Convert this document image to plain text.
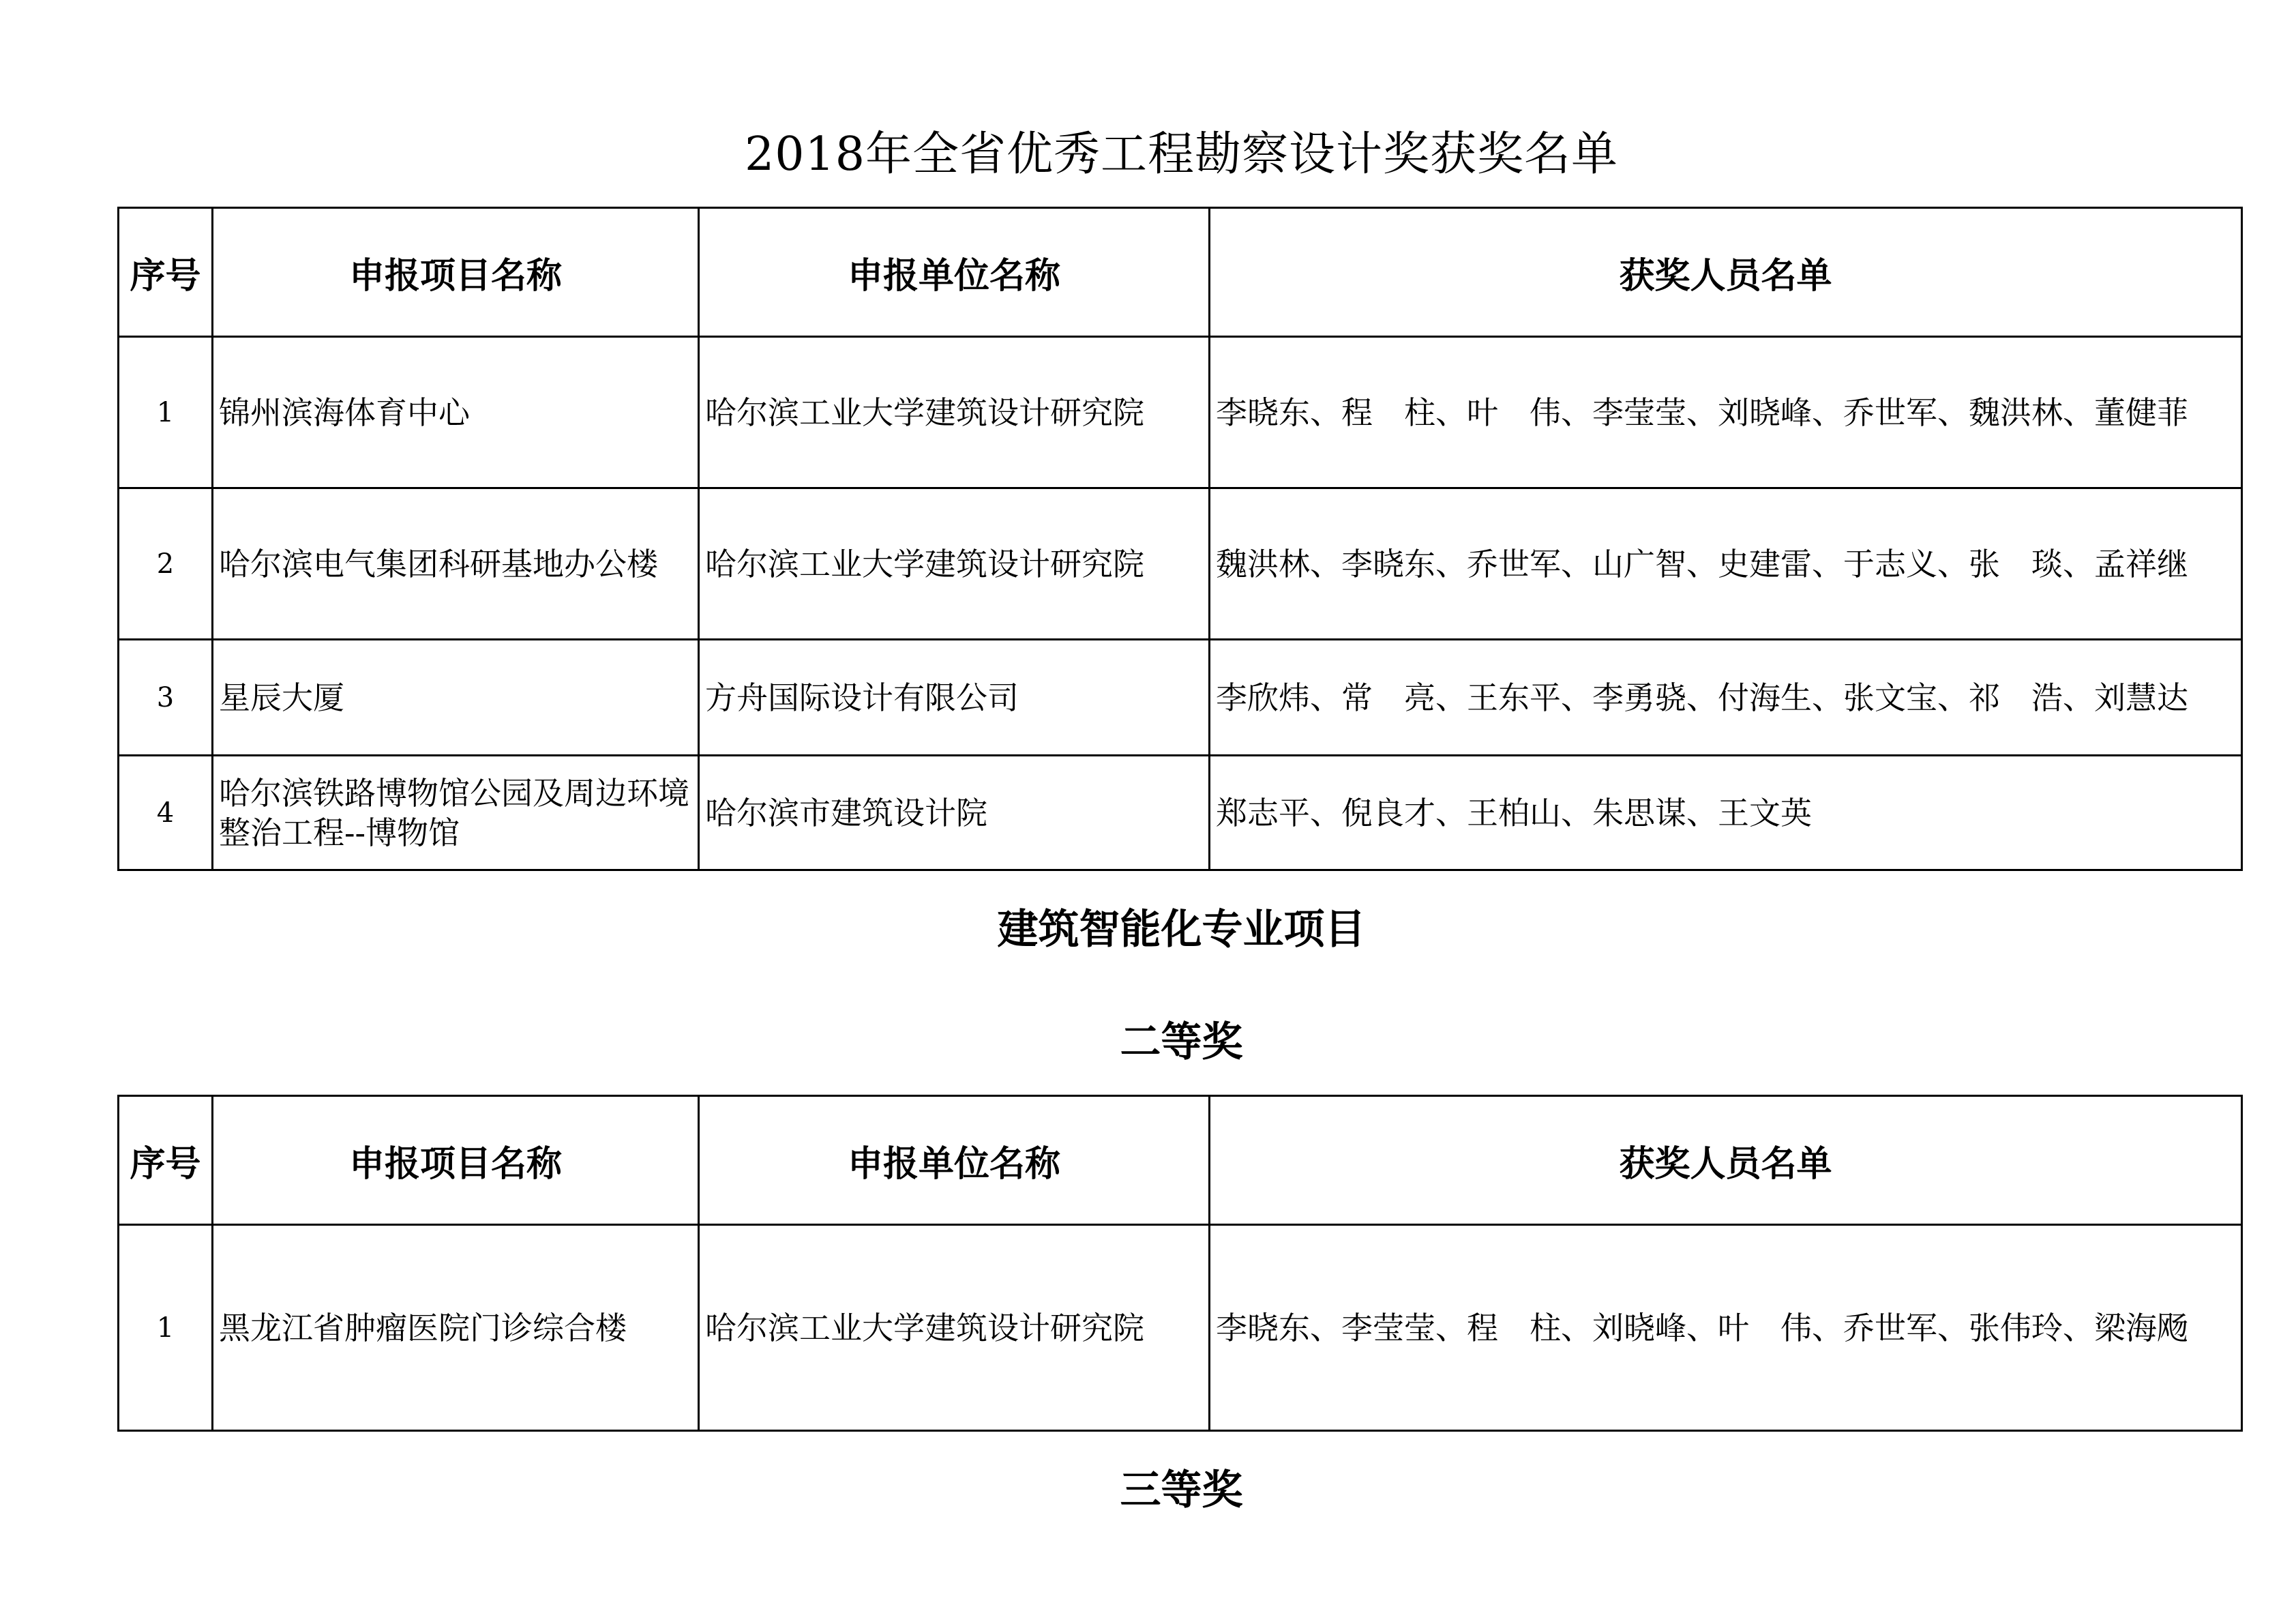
2018年全省优秀工程勘察设计奖获奖名单
序号	申报项目名称	申报单位名称	获奖人员名单
1	锦州滨海体育中心	哈尔滨工业大学建筑设计研究院	李晓东、程　柱、叶　伟、李莹莹、刘晓峰、乔世军、魏洪林、董健菲
2	哈尔滨电气集团科研基地办公楼	哈尔滨工业大学建筑设计研究院	魏洪林、李晓东、乔世军、山广智、史建雷、于志义、张　琰、孟祥继
3	星辰大厦	方舟国际设计有限公司	李欣炜、常　亮、王东平、李勇骁、付海生、张文宝、祁　浩、刘慧达
4	哈尔滨铁路博物馆公园及周边环境整治工程--博物馆	哈尔滨市建筑设计院	郑志平、倪良才、王柏山、朱思谋、王文英
建筑智能化专业项目
二等奖
序号	申报项目名称	申报单位名称	获奖人员名单
1	黑龙江省肿瘤医院门诊综合楼	哈尔滨工业大学建筑设计研究院	李晓东、李莹莹、程　柱、刘晓峰、叶　伟、乔世军、张伟玲、梁海飏
三等奖
